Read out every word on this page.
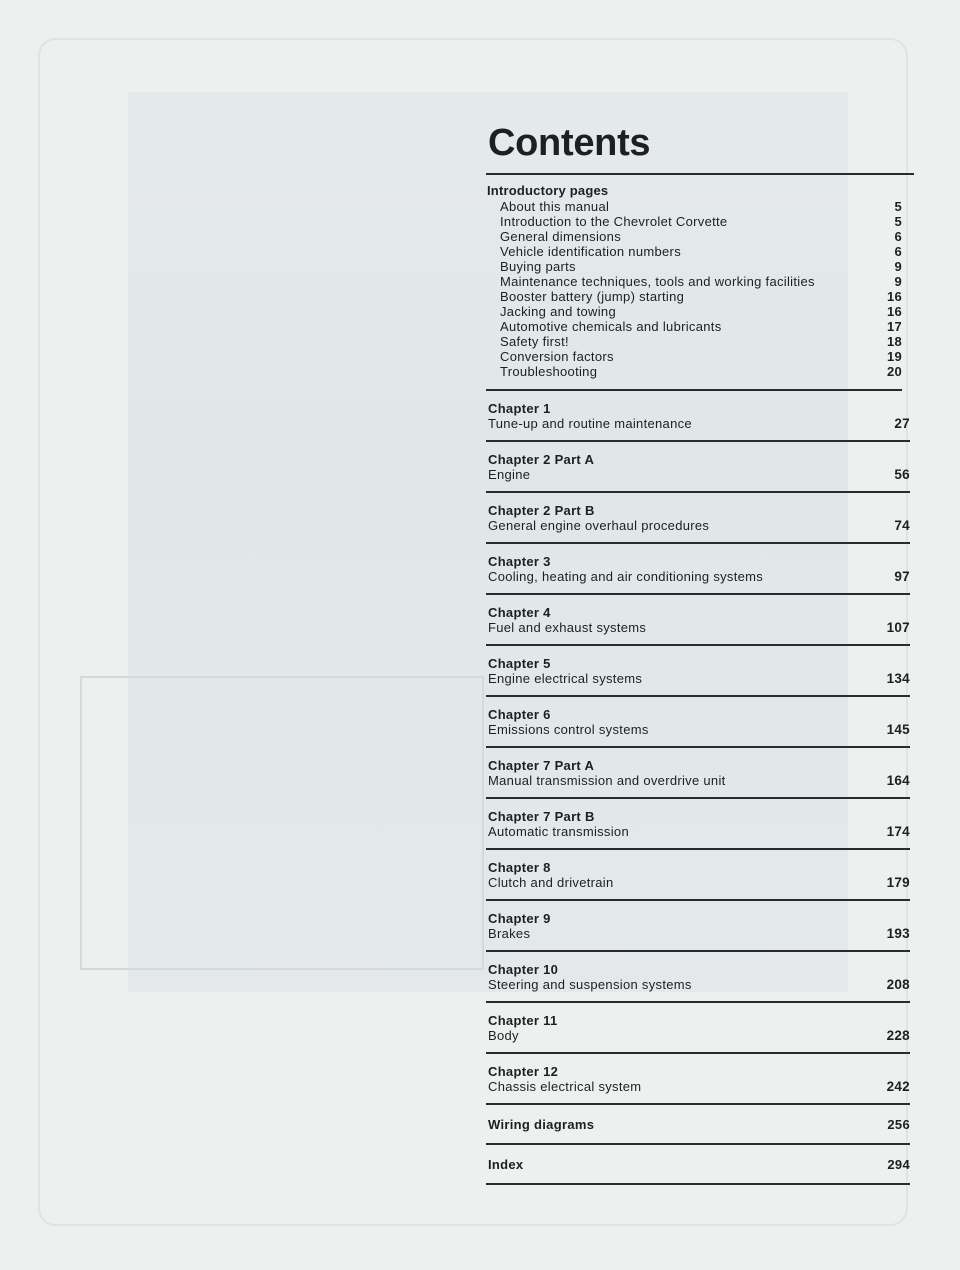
Contents
Introductory pages
About this manual	5
Introduction to the Chevrolet Corvette	5
General dimensions	6
Vehicle identification numbers	6
Buying parts	9
Maintenance techniques, tools and working facilities	9
Booster battery (jump) starting	16
Jacking and towing	16
Automotive chemicals and lubricants	17
Safety first!	18
Conversion factors	19
Troubleshooting	20
Chapter 1
Tune-up and routine maintenance	27
Chapter 2 Part A
Engine	56
Chapter 2 Part B
General engine overhaul procedures	74
Chapter 3
Cooling, heating and air conditioning systems	97
Chapter 4
Fuel and exhaust systems	107
Chapter 5
Engine electrical systems	134
Chapter 6
Emissions control systems	145
Chapter 7 Part A
Manual transmission and overdrive unit	164
Chapter 7 Part B
Automatic transmission	174
Chapter 8
Clutch and drivetrain	179
Chapter 9
Brakes	193
Chapter 10
Steering and suspension systems	208
Chapter 11
Body	228
Chapter 12
Chassis electrical system	242
Wiring diagrams	256
Index	294
